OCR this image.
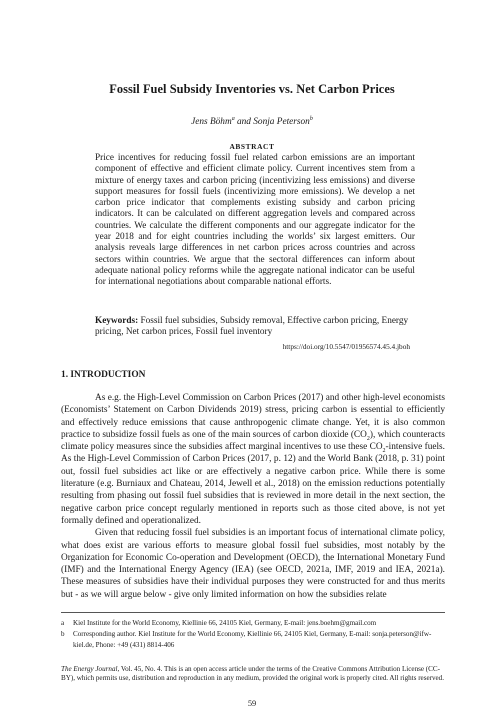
Fossil Fuel Subsidy Inventories vs. Net Carbon Prices
Jens Böhm$^a$ and Sonja Peterson$^b$
ABSTRACT

Price incentives for reducing fossil fuel related carbon emissions are an important component of effective and efficient climate policy. Current incentives stem from a mixture of energy taxes and carbon pricing (incentivizing less emissions) and diverse support measures for fossil fuels (incentivizing more emissions). We develop a net carbon price indicator that complements existing subsidy and carbon pricing indicators. It can be calculated on different aggregation levels and compared across countries. We calculate the different components and our aggregate indicator for the year 2018 and for eight countries including the worlds’ six largest emitters. Our analysis reveals large differences in net carbon prices across countries and across sectors within countries. We argue that the sectoral differences can inform about adequate national policy reforms while the aggregate national indicator can be useful for international negotiations about comparable national efforts.

Keywords: Fossil fuel subsidies, Subsidy removal, Effective carbon pricing, Energy pricing, Net carbon prices, Fossil fuel inventory

https://doi.org/10.5547/01956574.45.4.jboh
1. INTRODUCTION

As e.g. the High-Level Commission on Carbon Prices (2017) and other high-level economists (Economists’ Statement on Carbon Dividends 2019) stress, pricing carbon is essential to efficiently and effectively reduce emissions that cause anthropogenic climate change. Yet, it is also common practice to subsidize fossil fuels as one of the main sources of carbon dioxide $(CO_2)$, which counteracts climate policy measures since the subsidies affect marginal incentives to use these $CO_2$-intensive fuels. As the High-Level Commission of Carbon Prices (2017, p. 12) and the World Bank (2018, p. 31) point out, fossil fuel subsidies act like or are effectively a negative carbon price. While there is some literature (e.g. Burniaux and Chateau, 2014, Jewell et al., 2018) on the emission reductions potentially resulting from phasing out fossil fuel subsidies that is reviewed in more detail in the next section, the negative carbon price concept regularly mentioned in reports such as those cited above, is not yet formally defined and operationalized.

Given that reducing fossil fuel subsidies is an important focus of international climate policy, what does exist are various efforts to measure global fossil fuel subsidies, most notably by the Organization for Economic Co-operation and Development (OECD), the International Monetary Fund (IMF) and the International Energy Agency (IEA) (see OECD, 2021a, IMF, 2019 and IEA, 2021a). These measures of subsidies have their individual purposes they were constructed for and thus merits but - as we will argue below - give only limited information on how the subsidies relate

a Kiel Institute for the World Economy, Kiellinie 66, 24105 Kiel, Germany, E-mail: jens.boehm@gmail.com
b Corresponding author. Kiel Institute for the World Economy, Kiellinie 66, 24105 Kiel, Germany, E-mail: sonja.peterson@ifw-kiel.de, Phone: +49 (431) 8814-406

The Energy Journal, Vol. 45, No. 4. This is an open access article under the terms of the Creative Commons Attribution License (CC-BY), which permits use, distribution and reproduction in any medium, provided the original work is properly cited. All rights reserved.

59
